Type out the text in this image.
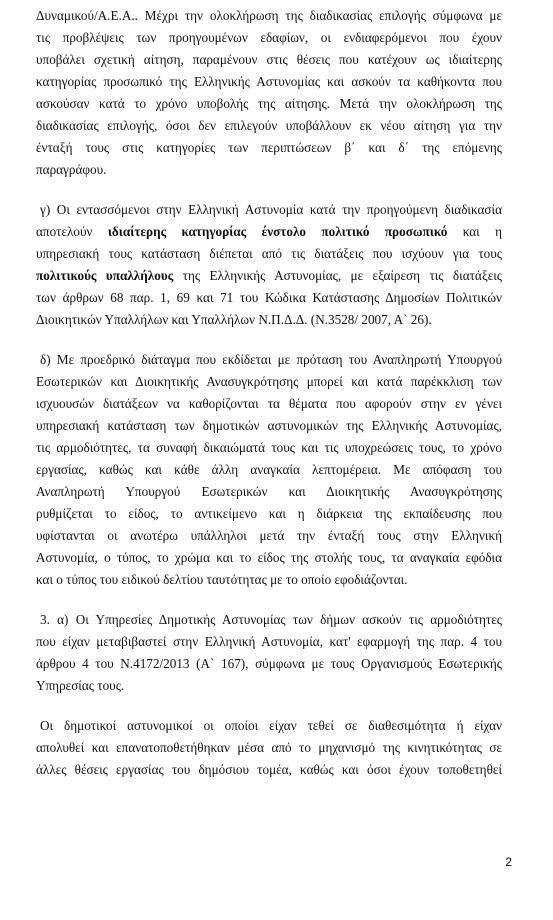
Δυναμικού/Α.Ε.Α.. Μέχρι την ολοκλήρωση της διαδικασίας επιλογής σύμφωνα με
τις προβλέψεις των προηγουμένων εδαφίων, οι ενδιαφερόμενοι που έχουν
υποβάλει σχετική αίτηση, παραμένουν στις θέσεις που κατέχουν ως ιδιαίτερης
κατηγορίας προσωπικό της Ελληνικής Αστυνομίας και ασκούν τα καθήκοντα που
ασκούσαν κατά το χρόνο υποβολής της αίτησης. Μετά την ολοκλήρωση της
διαδικασίας επιλογής, όσοι δεν επιλεγούν υποβάλλουν εκ νέου αίτηση για την
ένταξή τους στις κατηγορίες των περιπτώσεων β΄ και δ΄ της επόμενης
παραγράφου.
γ) Οι εντασσόμενοι στην Ελληνική Αστυνομία κατά την προηγούμενη διαδικασία
αποτελούν ιδιαίτερης κατηγορίας ένστολο πολιτικό προσωπικό και η
υπηρεσιακή τους κατάσταση διέπεται από τις διατάξεις που ισχύουν για τους
πολιτικούς υπαλλήλους της Ελληνικής Αστυνομίας, με εξαίρεση τις διατάξεις
των άρθρων 68 παρ. 1, 69 και 71 του Κώδικα Κατάστασης Δημοσίων Πολιτικών
Διοικητικών Υπαλλήλων και Υπαλλήλων Ν.Π.Δ.Δ. (Ν.3528/ 2007, Α` 26).
δ) Με προεδρικό διάταγμα που εκδίδεται με πρόταση του Αναπληρωτή Υπουργού
Εσωτερικών και Διοικητικής Ανασυγκρότησης μπορεί και κατά παρέκκλιση των
ισχυουσών διατάξεων να καθορίζονται τα θέματα που αφορούν στην εν γένει
υπηρεσιακή κατάσταση των δημοτικών αστυνομικών της Ελληνικής Αστυνομίας,
τις αρμοδιότητες, τα συναφή δικαιώματά τους και τις υποχρεώσεις τους, το χρόνο
εργασίας, καθώς και κάθε άλλη αναγκαία λεπτομέρεια. Με απόφαση του
Αναπληρωτή Υπουργού Εσωτερικών και Διοικητικής Ανασυγκρότησης
ρυθμίζεται το είδος, το αντικείμενο και η διάρκεια της εκπαίδευσης που
υφίστανται οι ανωτέρω υπάλληλοι μετά την ένταξή τους στην Ελληνική
Αστυνομία, ο τύπος, το χρώμα και το είδος της στολής τους, τα αναγκαία εφόδια
και ο τύπος του ειδικού δελτίου ταυτότητας με το οποίο εφοδιάζονται.
3. α) Οι Υπηρεσίες Δημοτικής Αστυνομίας των δήμων ασκούν τις αρμοδιότητες
που είχαν μεταβιβαστεί στην Ελληνική Αστυνομία, κατ' εφαρμογή της παρ. 4 του
άρθρου 4 του Ν.4172/2013 (Α` 167), σύμφωνα με τους Οργανισμούς Εσωτερικής
Υπηρεσίας τους.
Οι δημοτικοί αστυνομικοί οι οποίοι είχαν τεθεί σε διαθεσιμότητα ή είχαν
απολυθεί και επανατοποθετήθηκαν μέσα από το μηχανισμό της κινητικότητας σε
άλλες θέσεις εργασίας του δημόσιου τομέα, καθώς και όσοι έχουν τοποθετηθεί
2
